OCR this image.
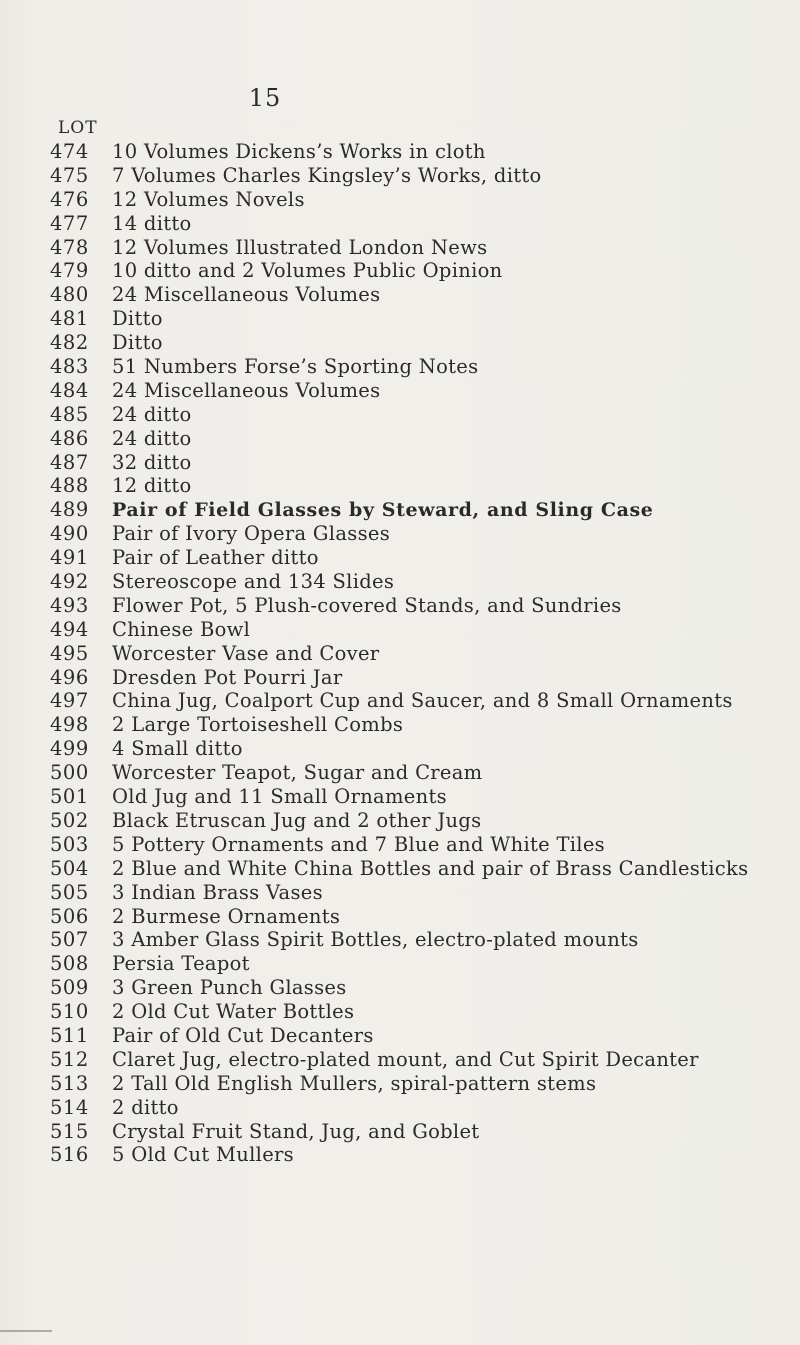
15
LOT
474 10 Volumes Dickens’s Works in cloth
475 7 Volumes Charles Kingsley’s Works, ditto
476 12 Volumes Novels
477 14 ditto
478 12 Volumes Illustrated London News
479 10 ditto and 2 Volumes Public Opinion
480 24 Miscellaneous Volumes
481 Ditto
482 Ditto
483 51 Numbers Forse’s Sporting Notes
484 24 Miscellaneous Volumes
485 24 ditto
486 24 ditto
487 32 ditto
488 12 ditto
489 Pair of Field Glasses by Steward, and Sling Case
490 Pair of Ivory Opera Glasses
491 Pair of Leather ditto
492 Stereoscope and 134 Slides
493 Flower Pot, 5 Plush-covered Stands, and Sundries
494 Chinese Bowl
495 Worcester Vase and Cover
496 Dresden Pot Pourri Jar
497 China Jug, Coalport Cup and Saucer, and 8 Small Ornaments
498 2 Large Tortoiseshell Combs
499 4 Small ditto
500 Worcester Teapot, Sugar and Cream
501 Old Jug and 11 Small Ornaments
502 Black Etruscan Jug and 2 other Jugs
503 5 Pottery Ornaments and 7 Blue and White Tiles
504 2 Blue and White China Bottles and pair of Brass Candlesticks
505 3 Indian Brass Vases
506 2 Burmese Ornaments
507 3 Amber Glass Spirit Bottles, electro-plated mounts
508 Persia Teapot
509 3 Green Punch Glasses
510 2 Old Cut Water Bottles
511 Pair of Old Cut Decanters
512 Claret Jug, electro-plated mount, and Cut Spirit Decanter
513 2 Tall Old English Mullers, spiral-pattern stems
514 2 ditto
515 Crystal Fruit Stand, Jug, and Goblet
516 5 Old Cut Mullers
